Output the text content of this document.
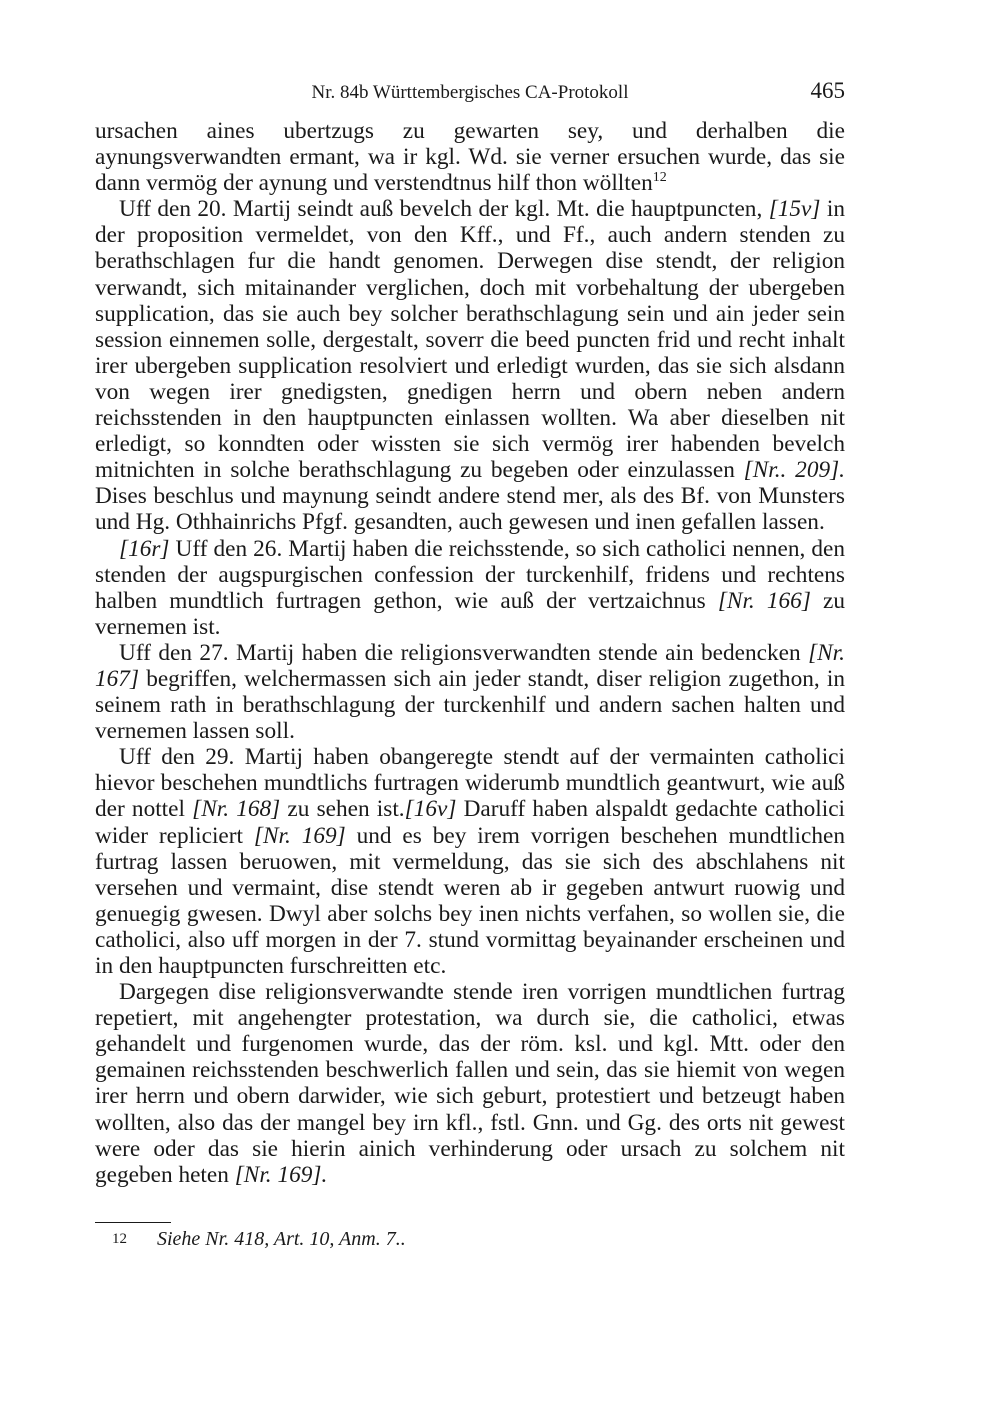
Nr. 84b Württembergisches CA-Protokoll	465

ursachen aines ubertzugs zu gewarten sey, und derhalben die aynungsverwandten ermant, wa ir kgl. Wd. sie verner ersuchen wurde, das sie dann vermög der aynung und verstendtnus hilf thon wöllten$^{12}$

Uff den 20. Martij seindt auß bevelch der kgl. Mt. die hauptpuncten, [15v] in der proposition vermeldet, von den Kff., und Ff., auch andern stenden zu berathschlagen fur die handt genomen. Derwegen dise stendt, der religion verwandt, sich mitainander verglichen, doch mit vorbehaltung der ubergeben supplication, das sie auch bey solcher berathschlagung sein und ain jeder sein session einnemen solle, dergestalt, soverr die beed puncten frid und recht inhalt irer ubergeben supplication resolviert und erledigt wurden, das sie sich alsdann von wegen irer gnedigsten, gnedigen herrn und obern neben andern reichsstenden in den hauptpuncten einlassen wollten. Wa aber dieselben nit erledigt, so konndten oder wissten sie sich vermög irer habenden bevelch mitnichten in solche berathschlagung zu begeben oder einzulassen [Nr.. 209]. Dises beschlus und maynung seindt andere stend mer, als des Bf. von Munsters und Hg. Othhainrichs Pfgf. gesandten, auch gewesen und inen gefallen lassen.

[16r] Uff den 26. Martij haben die reichsstende, so sich catholici nennen, den stenden der augspurgischen confession der turckenhilf, fridens und rechtens halben mundtlich furtragen gethon, wie auß der vertzaichnus [Nr. 166] zu vernemen ist.

Uff den 27. Martij haben die religionsverwandten stende ain bedencken [Nr. 167] begriffen, welchermassen sich ain jeder standt, diser religion zugethon, in seinem rath in berathschlagung der turckenhilf und andern sachen halten und vernemen lassen soll.

Uff den 29. Martij haben obangeregte stendt auf der vermainten catholici hievor beschehen mundtlichs furtragen widerumb mundtlich geantwurt, wie auß der nottel [Nr. 168] zu sehen ist.[16v] Daruff haben alspaldt gedachte catholici wider repliciert [Nr. 169] und es bey irem vorrigen beschehen mundtlichen furtrag lassen beruowen, mit vermeldung, das sie sich des abschlahens nit versehen und vermaint, dise stendt weren ab ir gegeben antwurt ruowig und genuegig gwesen. Dwyl aber solchs bey inen nichts verfahen, so wollen sie, die catholici, also uff morgen in der 7. stund vormittag beyainander erscheinen und in den hauptpuncten furschreitten etc.

Dargegen dise religionsverwandte stende iren vorrigen mundtlichen furtrag repetiert, mit angehengter protestation, wa durch sie, die catholici, etwas gehandelt und furgenomen wurde, das der röm. ksl. und kgl. Mtt. oder den gemainen reichsstenden beschwerlich fallen und sein, das sie hiemit von wegen irer herrn und obern darwider, wie sich geburt, protestiert und betzeugt haben wollten, also das der mangel bey irn kfl., fstl. Gnn. und Gg. des orts nit gewest were oder das sie hierin ainich verhinderung oder ursach zu solchem nit gegeben heten [Nr. 169].

12 Siehe Nr. 418, Art. 10, Anm. 7..
